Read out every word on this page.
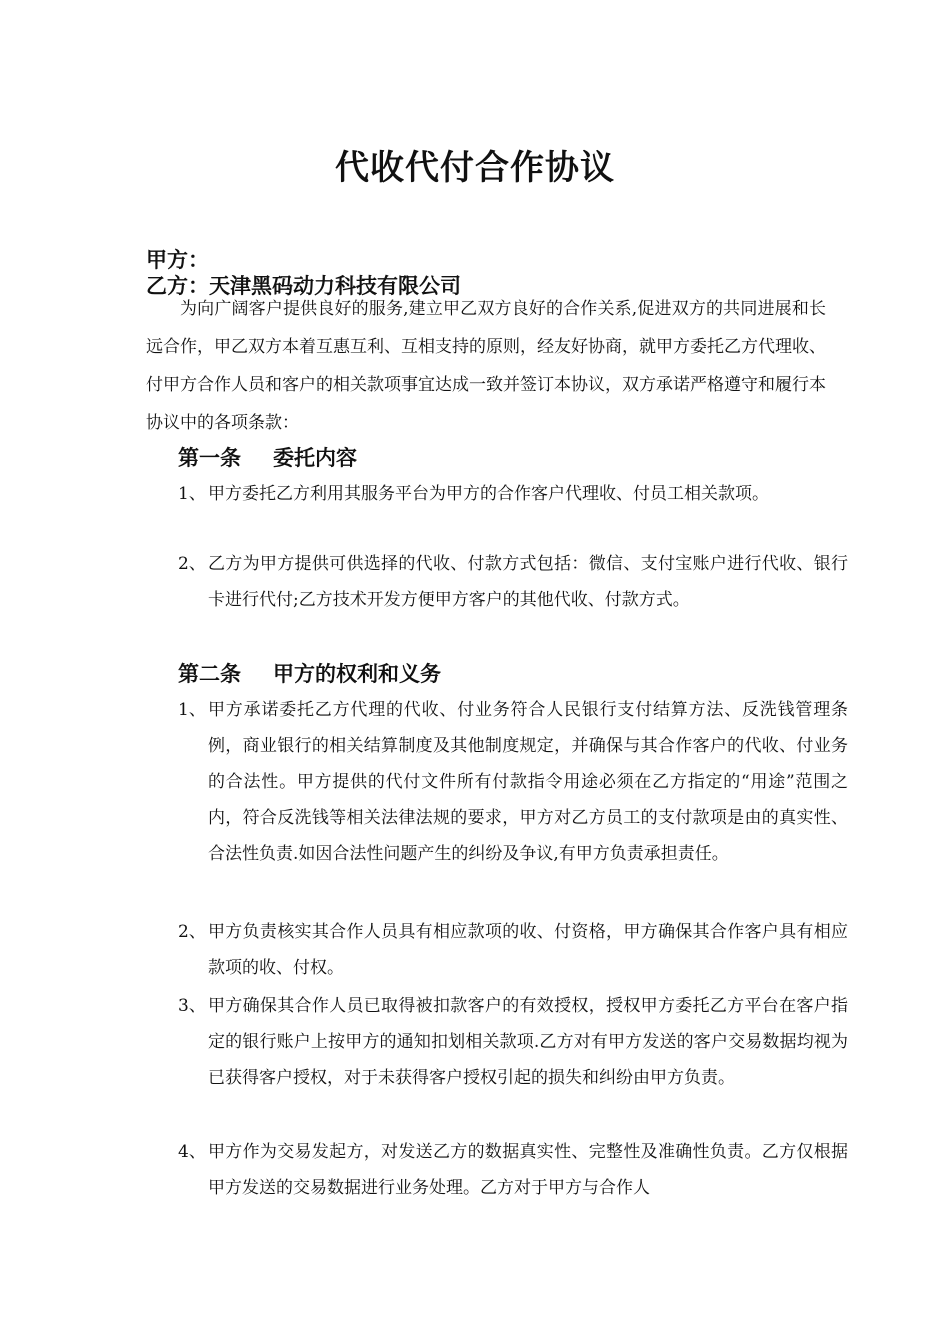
代收代付合作协议
甲方：
乙方：天津黑码动力科技有限公司
为向广阔客户提供良好的服务,建立甲乙双方良好的合作关系,促进双方的共同进展和长远合作，甲乙双方本着互惠互利、互相支持的原则，经友好协商，就甲方委托乙方代理收、付甲方合作人员和客户的相关款项事宜达成一致并签订本协议，双方承诺严格遵守和履行本协议中的各项条款：
第一条 委托内容
1、 甲方委托乙方利用其服务平台为甲方的合作客户代理收、付员工相关款项。
2、 乙方为甲方提供可供选择的代收、付款方式包括：微信、支付宝账户进行代收、银行卡进行代付;乙方技术开发方便甲方客户的其他代收、付款方式。
第二条 甲方的权利和义务
1、 甲方承诺委托乙方代理的代收、付业务符合人民银行支付结算方法、反洗钱管理条例，商业银行的相关结算制度及其他制度规定，并确保与其合作客户的代收、付业务的合法性。甲方提供的代付文件所有付款指令用途必须在乙方指定的“用途”范围之内，符合反洗钱等相关法律法规的要求，甲方对乙方员工的支付款项是由的真实性、合法性负责.如因合法性问题产生的纠纷及争议,有甲方负责承担责任。
2、 甲方负责核实其合作人员具有相应款项的收、付资格，甲方确保其合作客户具有相应款项的收、付权。
3、 甲方确保其合作人员已取得被扣款客户的有效授权，授权甲方委托乙方平台在客户指定的银行账户上按甲方的通知扣划相关款项.乙方对有甲方发送的客户交易数据均视为已获得客户授权，对于未获得客户授权引起的损失和纠纷由甲方负责。
4、 甲方作为交易发起方，对发送乙方的数据真实性、完整性及准确性负责。乙方仅根据甲方发送的交易数据进行业务处理。乙方对于甲方与合作人
